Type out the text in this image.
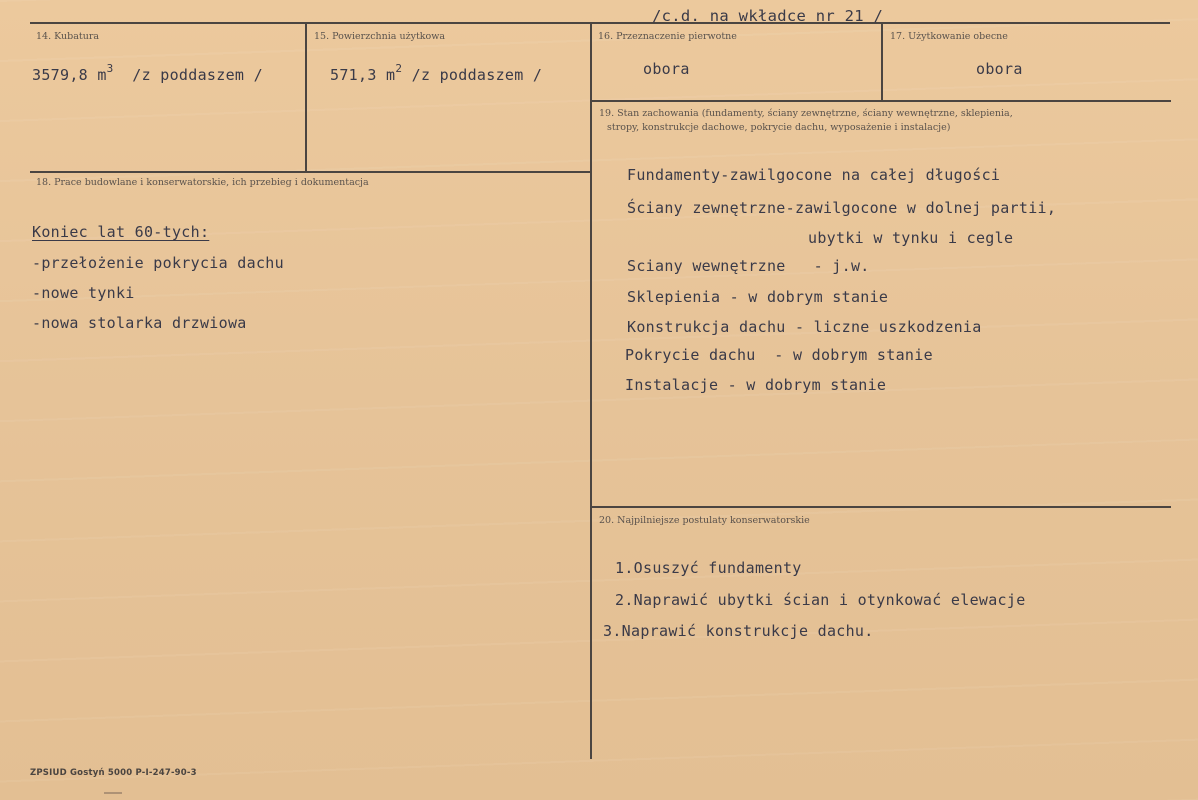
/c.d. na wkładce nr 21 /
14. Kubatura
3579,8 $m^3$ /z poddaszem /
15. Powierzchnia użytkowa
571,3 $m^2$ /z poddaszem /
16. Przeznaczenie pierwotne
obora
17. Użytkowanie obecne
obora
18. Prace budowlane i konserwatorskie, ich przebieg i dokumentacja
Koniec lat 60-tych:
-przełożenie pokrycia dachu
-nowe tynki
-nowa stolarka drzwiowa
19. Stan zachowania (fundamenty, ściany zewnętrzne, ściany wewnętrzne, sklepienia,
stropy, konstrukcje dachowe, pokrycie dachu, wyposażenie i instalacje)
Fundamenty-zawilgocone na całej długości
Ściany zewnętrzne-zawilgocone w dolnej partii,
ubytki w tynku i cegle
Sciany wewnętrzne   - j.w.
Sklepienia - w dobrym stanie
Konstrukcja dachu - liczne uszkodzenia
Pokrycie dachu  - w dobrym stanie
Instalacje - w dobrym stanie
20. Najpilniejsze postulaty konserwatorskie
1.Osuszyć fundamenty
2.Naprawić ubytki ścian i otynkować elewacje
3.Naprawić konstrukcje dachu.
ZPSIUD Gostyń 5000 P-I-247-90-3
